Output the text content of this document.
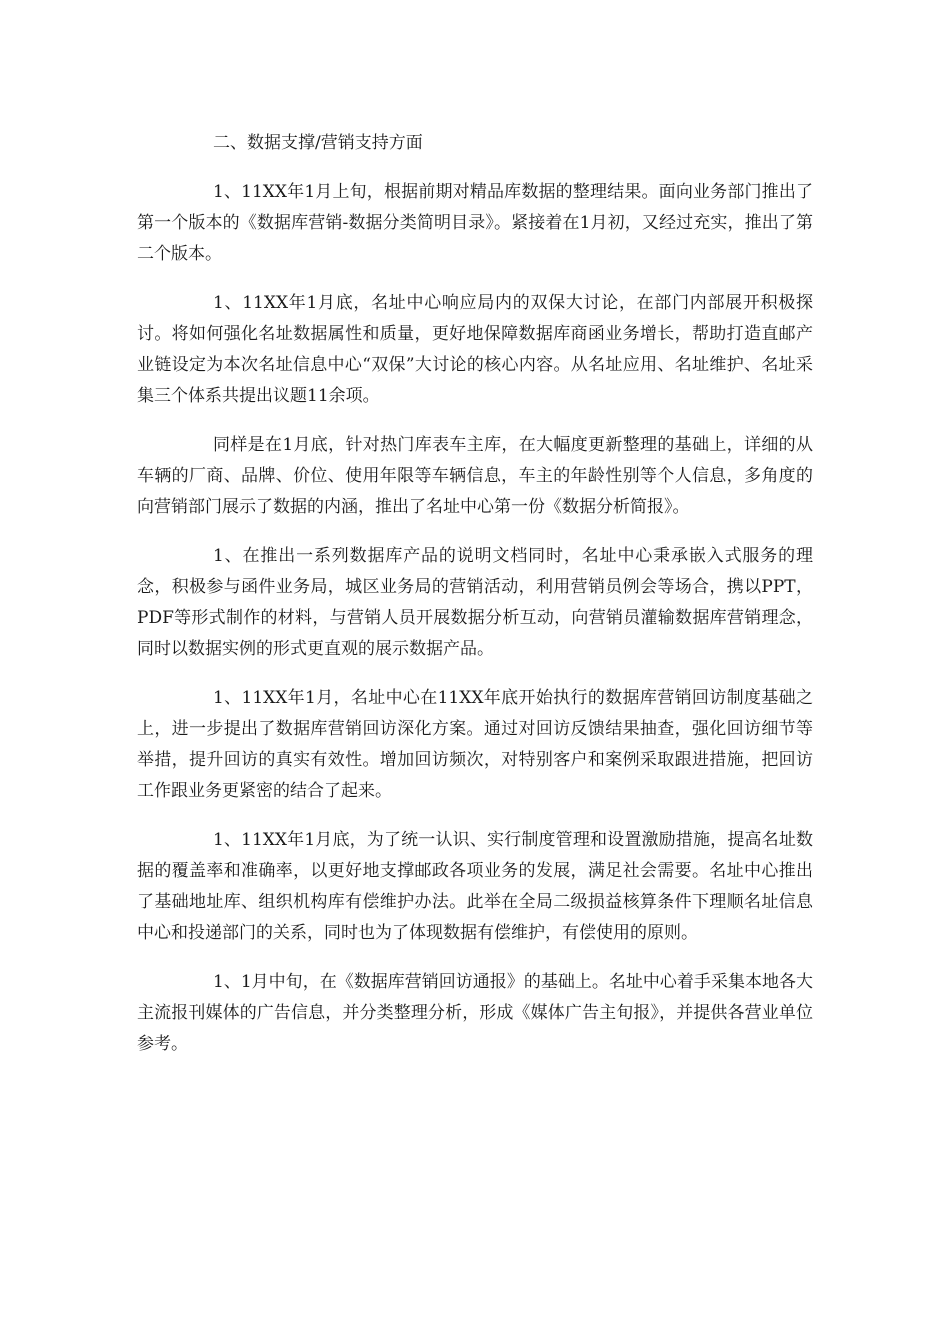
二、数据支撑/营销支持方面

1、11XX年1月上旬，根据前期对精品库数据的整理结果。面向业务部门推出了第一个版本的《数据库营销-数据分类简明目录》。紧接着在1月初，又经过充实，推出了第二个版本。

1、11XX年1月底，名址中心响应局内的双保大讨论，在部门内部展开积极探讨。将如何强化名址数据属性和质量，更好地保障数据库商函业务增长，帮助打造直邮产业链设定为本次名址信息中心“双保”大讨论的核心内容。从名址应用、名址维护、名址采集三个体系共提出议题11余项。

同样是在1月底，针对热门库表车主库，在大幅度更新整理的基础上，详细的从车辆的厂商、品牌、价位、使用年限等车辆信息，车主的年龄性别等个人信息，多角度的向营销部门展示了数据的内涵，推出了名址中心第一份《数据分析简报》。

1、在推出一系列数据库产品的说明文档同时，名址中心秉承嵌入式服务的理念，积极参与函件业务局，城区业务局的营销活动，利用营销员例会等场合，携以PPT，PDF等形式制作的材料，与营销人员开展数据分析互动，向营销员灌输数据库营销理念，同时以数据实例的形式更直观的展示数据产品。

1、11XX年1月，名址中心在11XX年底开始执行的数据库营销回访制度基础之上，进一步提出了数据库营销回访深化方案。通过对回访反馈结果抽查，强化回访细节等举措，提升回访的真实有效性。增加回访频次，对特别客户和案例采取跟进措施，把回访工作跟业务更紧密的结合了起来。

1、11XX年1月底，为了统一认识、实行制度管理和设置激励措施，提高名址数据的覆盖率和准确率，以更好地支撑邮政各项业务的发展，满足社会需要。名址中心推出了基础地址库、组织机构库有偿维护办法。此举在全局二级损益核算条件下理顺名址信息中心和投递部门的关系，同时也为了体现数据有偿维护，有偿使用的原则。

1、1月中旬，在《数据库营销回访通报》的基础上。名址中心着手采集本地各大主流报刊媒体的广告信息，并分类整理分析，形成《媒体广告主旬报》，并提供各营业单位参考。
